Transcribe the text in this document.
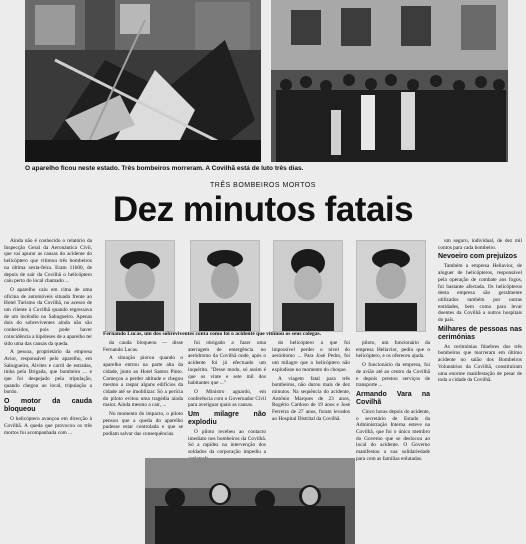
O aparelho ficou neste estado. Três bombeiros morreram. A Covilhã está de luto três dias.
TRÊS BOMBEIROS MORTOS
Dez minutos fatais

Ainda não é conhecido o relatório da Inspecção Geral da Aeronáutica Civil, que vai apurar as causas do acidente do helicóptero que vitimou três bombeiros na última sexta-feira. Eram 11h00, de depois de sair da Covilhã o helicóptero caiu perto do local chamado ...

O aparelho caiu em cima de uma oficina de automóveis situada frente ao Hotel Turismo da Covilhã, no acesso de um cliente à Covilhã quando regressava de um incêndio no Sabugueiro. Apenas dois do sobreviventes ainda não são conhecidos, pois pode haver coincidência a hipóteses de a aparelho ter sido uma das causas da queda.

A pessoa, proprietário da empresa Avior, responsável pelo aparelho, em Sabugueiro, Alvites e carril de estradas, tinha pela Brigada, que bombeiro ... e que foi despejado pela tripulação, quando chegou ao local, tripulação a bordo.

O motor da cauda bloqueou

O helicóptero avançou em direcção à Covilhã. A queda que provocou os três mortos foi acompanhada com ...

Fernando Lucas, um dos sobreviventes conta como foi o acidente que vitimou os seus colegas.

da cauda bloqueou — disse Fernando Lucas.

A situação piorou quando o aparelho entrou na parte alta da cidade, junto ao Hotel Santos Pinto. Começou a perder altitude e chegou mesmo a raspar alguns edifícios da cidade até se imobilizar. Só a perícia do piloto evitou uma tragédia ainda maior. Ainda mesmo a cair, ...

No momento do impacto, o piloto pensou que a queda do aparelho pudesse estar controlada e que se podiam salvar das consequências.

foi obrigado a fazer uma aterragem de emergência no aeródromo da Covilhã onde, após o acidente foi já efectuado um inquérito. "Desse modo, só assim é que os vinte e sete mil dos habitantes que ..."

O Ministro aguardo, em conferência com o Governador Civil para averiguar quais as causas.

Um milagre não explodiu

O piloto recebeu ao contacto imediato nos bombeiros da Covilhã. Só a rapidez na intervenção dos soldados da corporação impediu a

do helicóptero a que foi impossível perder o nível do aeródromo ... Para José Pedro, foi um milagre que o helicóptero não explodisse no momento do choque.

A viagem fatal para três bombeiros, não durou mais de dez minutos. Na sequência do acidente, António Marques de 23 anos, Rogério Cardoso de 19 anos e José Ferreira de 27 anos, foram levados ao Hospital Distrital da Covilhã.

piloto, um funcionário da empresa Heliavior, pediu que o helicóptero, e os ofereceu ajuda.

O funcionário da empresa, foi de avião até ao centro da Covilhã e depois prestou serviços de transporte ...

Armando Vara na Covilhã

Cinco horas depois do acidente, o secretário de Estado da Administração Interna esteve na Covilhã, que foi o único membro do Governo que se deslocou ao local do acidente. O Governo manifestou a sua solidariedade para com as famílias enlutadas.

um seguro, individual, de dez mil contos para cada bombeiro.

Nevoeiro com prejuízos

Também a empresa Heliavior, de aluguer de helicópteros, responsável pela operação de combate aos fogos, foi bastante afectada. Os helicópteros desta empresa são geralmente utilizados também por outras entidades, bem como para levar doentes da Covilhã a outros hospitais do país.

Milhares de pessoas nas cerimónias

As cerimónias fúnebres dos três bombeiros que morreram em último acidente no salão dos Bombeiros Voluntários da Covilhã, constituíram uma enorme manifestação de pesar de toda a cidade da Covilhã.
